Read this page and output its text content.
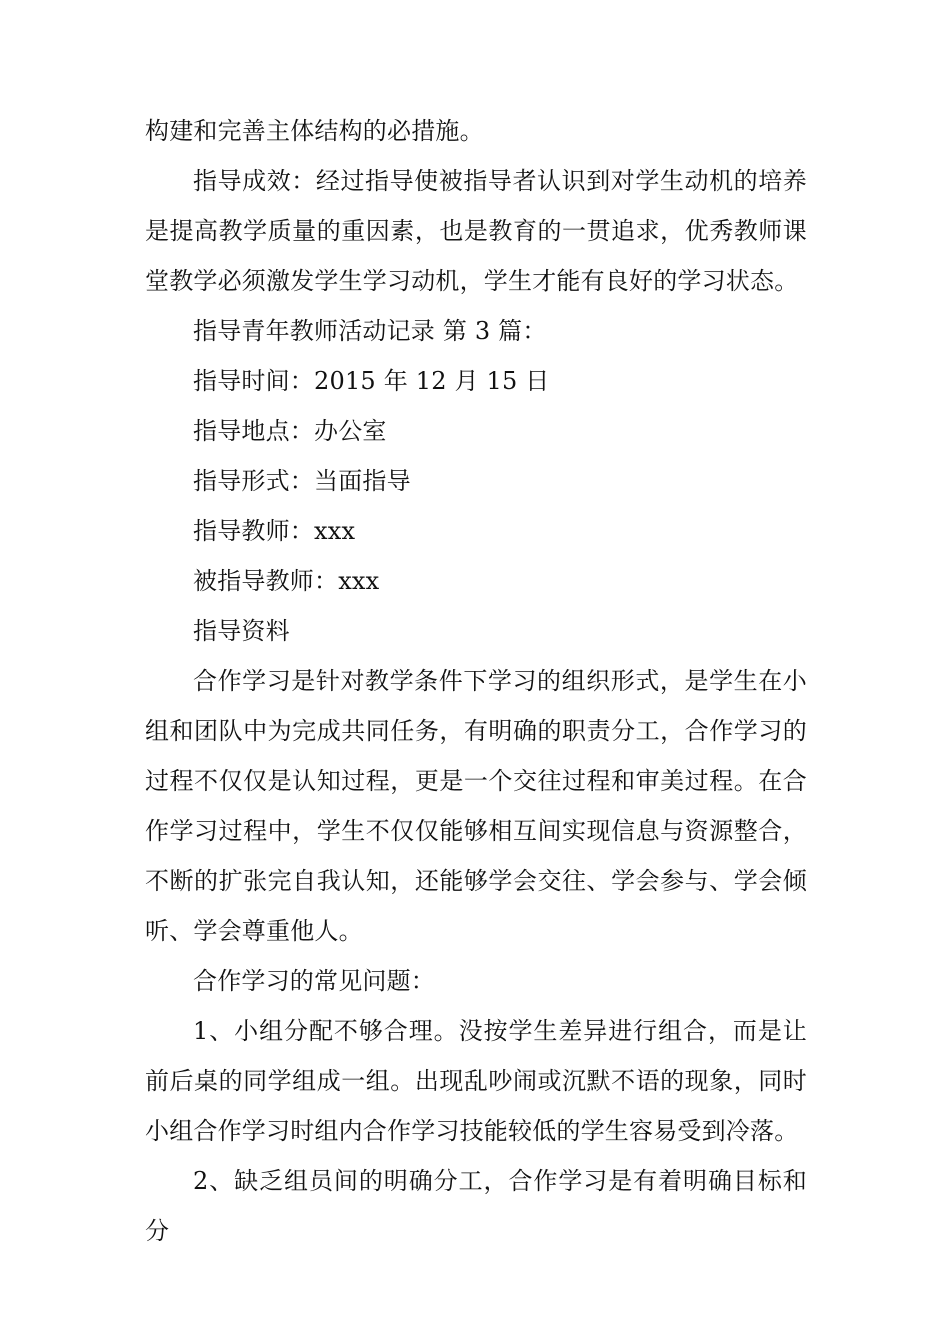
构建和完善主体结构的必措施。

指导成效：经过指导使被指导者认识到对学生动机的培养是提高教学质量的重因素，也是教育的一贯追求，优秀教师课堂教学必须激发学生学习动机，学生才能有良好的学习状态。

指导青年教师活动记录 第 3 篇：

指导时间：2015 年 12 月 15 日

指导地点：办公室

指导形式：当面指导

指导教师：xxx

被指导教师：xxx

指导资料

合作学习是针对教学条件下学习的组织形式，是学生在小组和团队中为完成共同任务，有明确的职责分工，合作学习的过程不仅仅是认知过程，更是一个交往过程和审美过程。在合作学习过程中，学生不仅仅能够相互间实现信息与资源整合，不断的扩张完自我认知，还能够学会交往、学会参与、学会倾听、学会尊重他人。

合作学习的常见问题：

1、小组分配不够合理。没按学生差异进行组合，而是让前后桌的同学组成一组。出现乱吵闹或沉默不语的现象，同时小组合作学习时组内合作学习技能较低的学生容易受到冷落。

2、缺乏组员间的明确分工，合作学习是有着明确目标和分
